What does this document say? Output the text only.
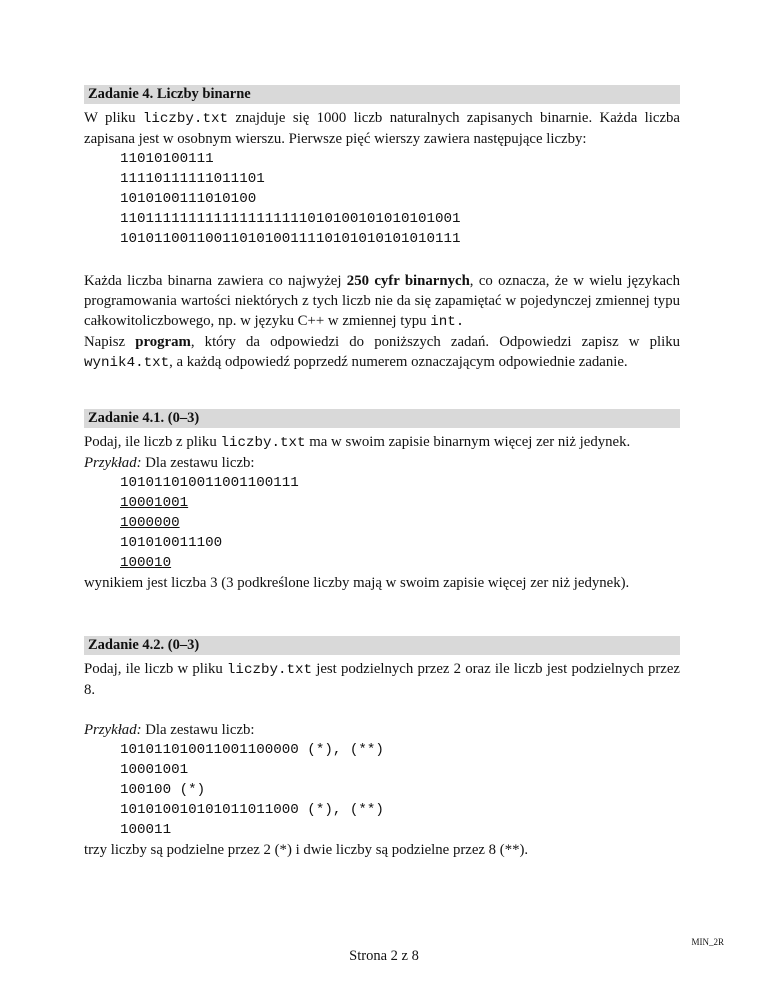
Zadanie 4. Liczby binarne

W pliku liczby.txt znajduje się 1000 liczb naturalnych zapisanych binarnie. Każda liczba zapisana jest w osobnym wierszu. Pierwsze pięć wierszy zawiera następujące liczby:

11010100111
11110111111011101
1010100111010100
1101111111111111111111010100101010101001
1010110011001101010011110101010101010111

Każda liczba binarna zawiera co najwyżej 250 cyfr binarnych, co oznacza, że w wielu językach programowania wartości niektórych z tych liczb nie da się zapamiętać w pojedynczej zmiennej typu całkowitoliczbowego, np. w języku C++ w zmiennej typu int.

Napisz program, który da odpowiedzi do poniższych zadań. Odpowiedzi zapisz w pliku wynik4.txt, a każdą odpowiedź poprzedź numerem oznaczającym odpowiednie zadanie.

Zadanie 4.1. (0–3)

Podaj, ile liczb z pliku liczby.txt ma w swoim zapisie binarnym więcej zer niż jedynek.

Przykład: Dla zestawu liczb:

101011010011001100111
10001001
1000000
101010011100
100010

wynikiem jest liczba 3 (3 podkreślone liczby mają w swoim zapisie więcej zer niż jedynek).

Zadanie 4.2. (0–3)

Podaj, ile liczb w pliku liczby.txt jest podzielnych przez 2 oraz ile liczb jest podzielnych przez 8.

Przykład: Dla zestawu liczb:

101011010011001100000 (*), (**)
10001001
100100 (*)
101010010101011011000 (*), (**)
100011

trzy liczby są podzielne przez 2 (*) i dwie liczby są podzielne przez 8 (**).

Strona 2 z 8
MIN_2R
